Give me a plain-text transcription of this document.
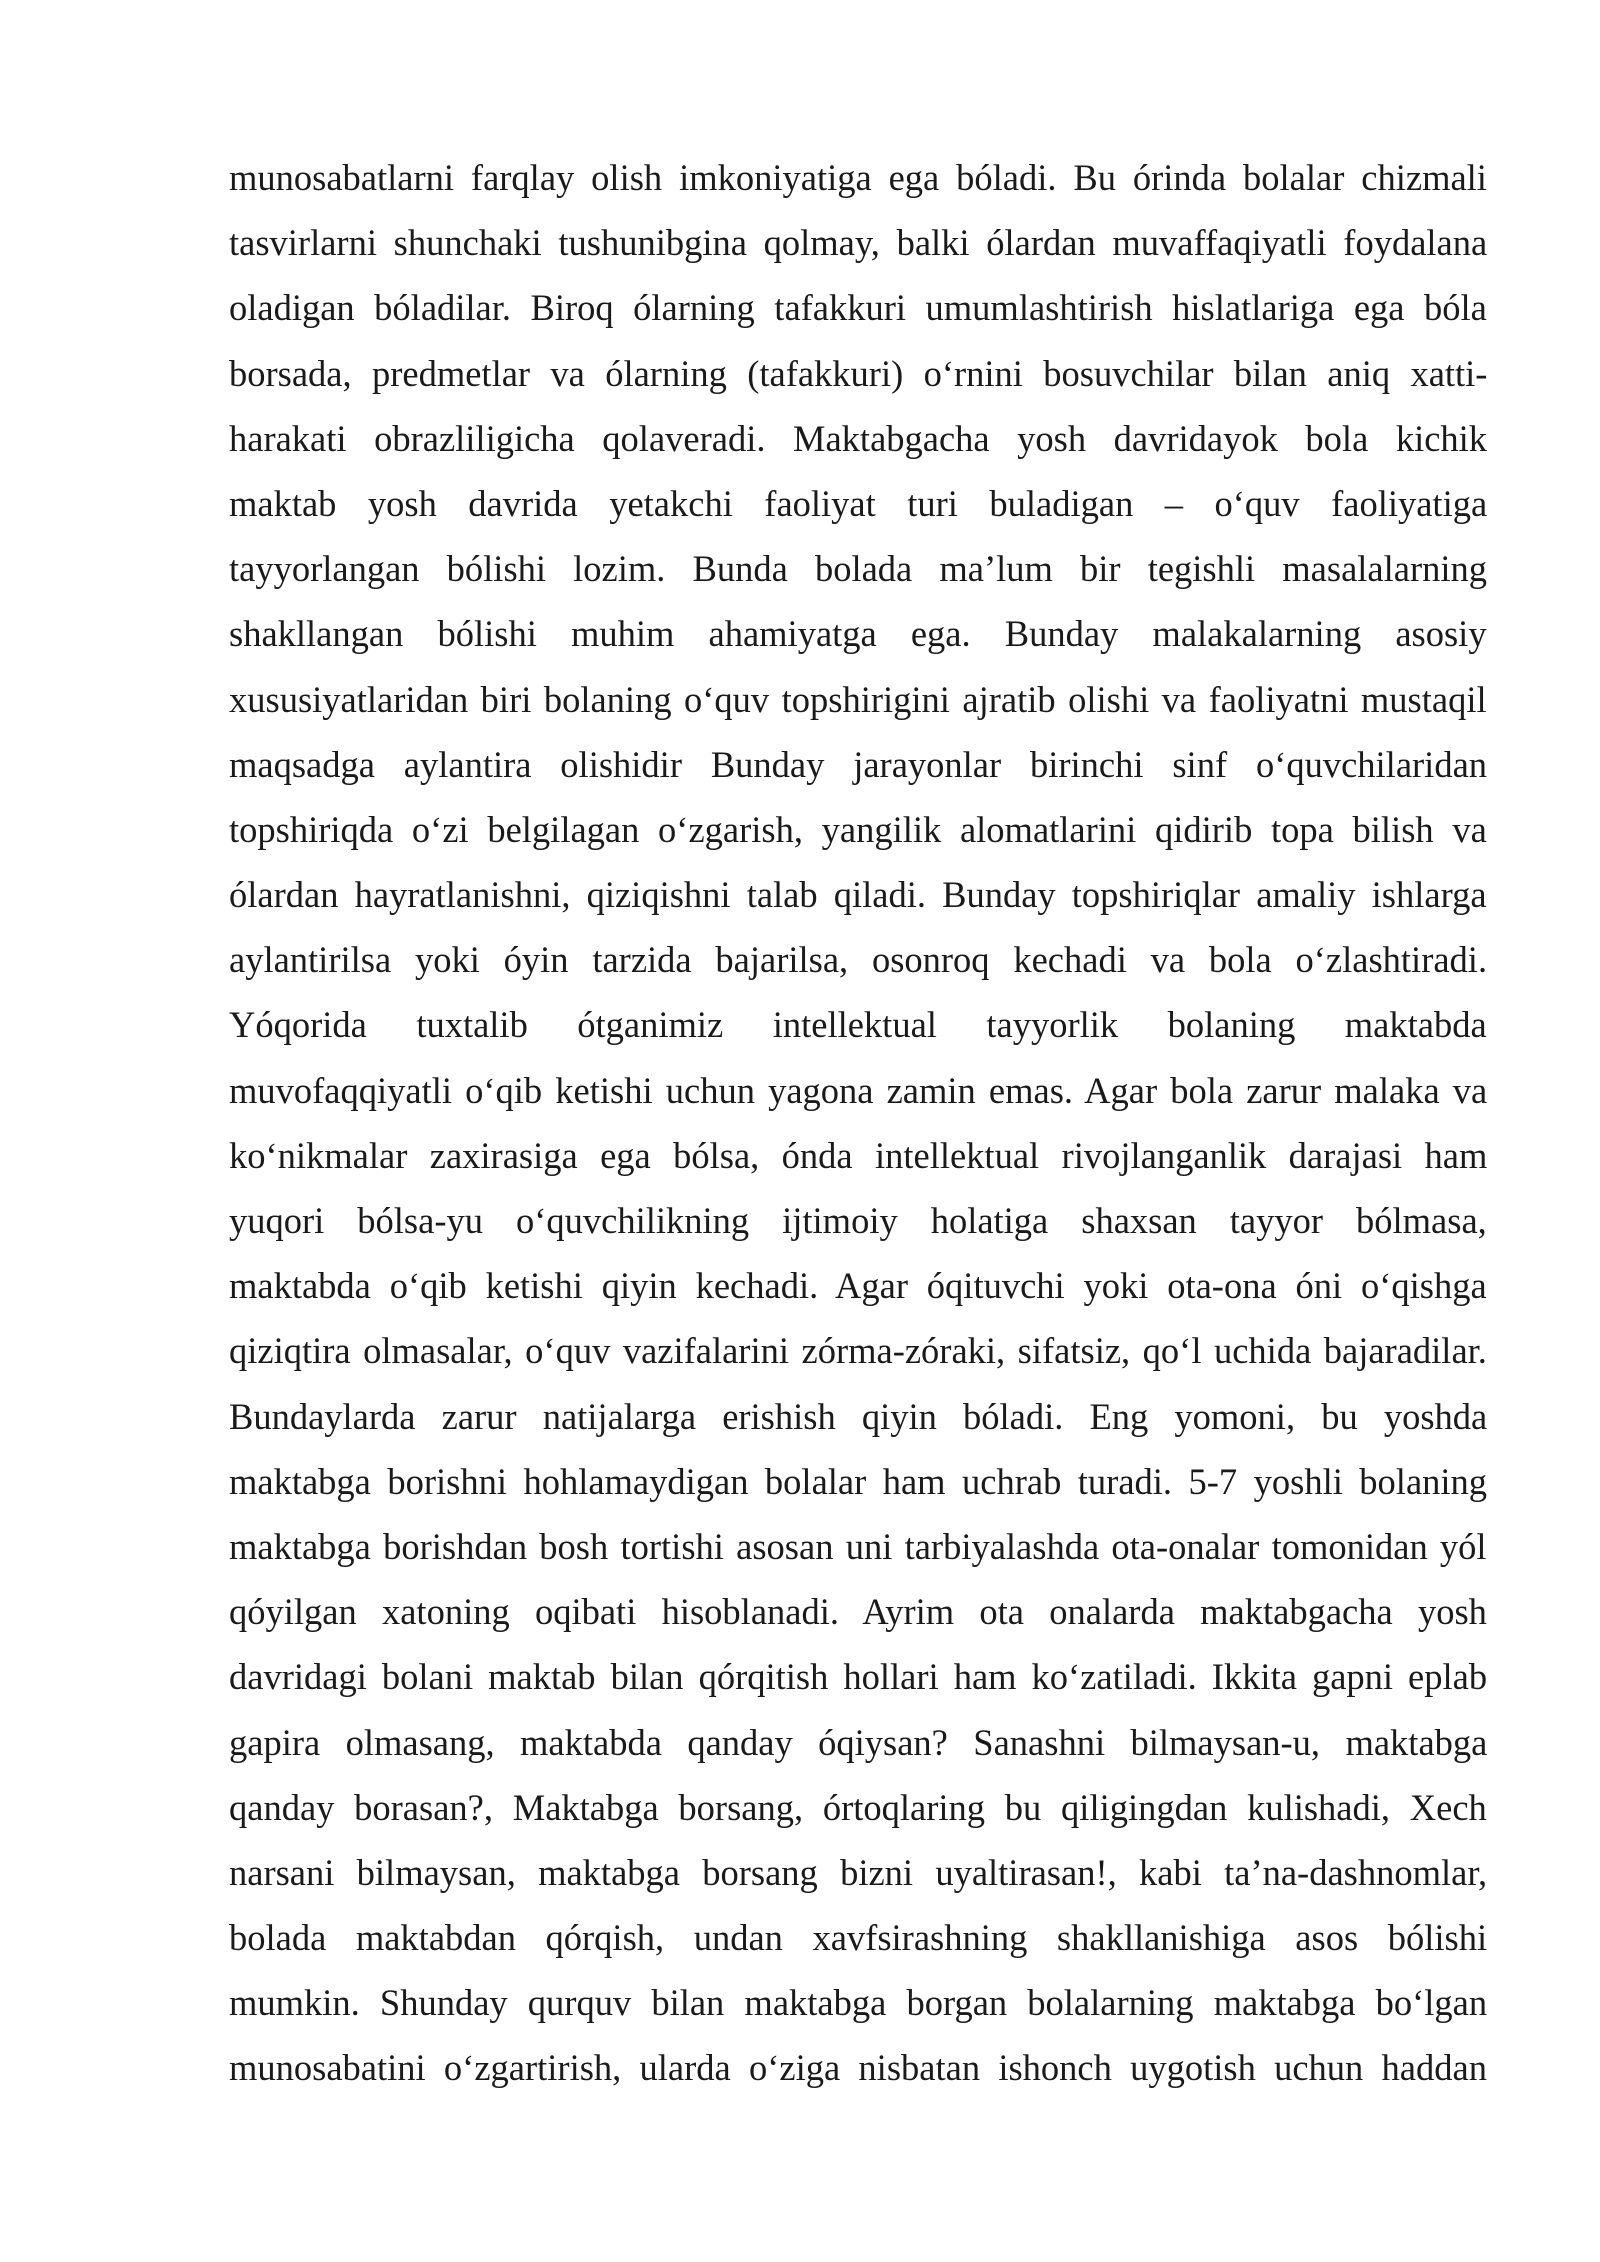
munosabatlarni farqlay olish imkoniyatiga ega bóladi. Bu órinda bolalar chizmali
tasvirlarni shunchaki tushunibgina qolmay, balki ólardan muvaffaqiyatli foydalana
oladigan bóladilar. Biroq ólarning tafakkuri umumlashtirish hislatlariga ega bóla
borsada, predmetlar va ólarning (tafakkuri) oʻrnini bosuvchilar bilan aniq xatti-
harakati obrazliligicha qolaveradi. Maktabgacha yosh davridayok bola kichik
maktab yosh davrida yetakchi faoliyat turi buladigan – oʻquv faoliyatiga
tayyorlangan bólishi lozim. Bunda bolada ma’lum bir tegishli masalalarning
shakllangan bólishi muhim ahamiyatga ega. Bunday malakalarning asosiy
xususiyatlaridan biri bolaning oʻquv topshirigini ajratib olishi va faoliyatni mustaqil
maqsadga aylantira olishidir Bunday jarayonlar birinchi sinf oʻquvchilaridan
topshiriqda oʻzi belgilagan oʻzgarish, yangilik alomatlarini qidirib topa bilish va
ólardan hayratlanishni, qiziqishni talab qiladi. Bunday topshiriqlar amaliy ishlarga
aylantirilsa yoki óyin tarzida bajarilsa, osonroq kechadi va bola oʻzlashtiradi.
Yóqorida tuxtalib ótganimiz intellektual tayyorlik bolaning maktabda
muvofaqqiyatli oʻqib ketishi uchun yagona zamin emas. Agar bola zarur malaka va
koʻnikmalar zaxirasiga ega bólsa, ónda intellektual rivojlanganlik darajasi ham
yuqori bólsa-yu oʻquvchilikning ijtimoiy holatiga shaxsan tayyor bólmasa,
maktabda oʻqib ketishi qiyin kechadi. Agar óqituvchi yoki ota-ona óni oʻqishga
qiziqtira olmasalar, oʻquv vazifalarini zórma-zóraki, sifatsiz, qoʻl uchida bajaradilar.
Bundaylarda zarur natijalarga erishish qiyin bóladi. Eng yomoni, bu yoshda
maktabga borishni hohlamaydigan bolalar ham uchrab turadi. 5-7 yoshli bolaning
maktabga borishdan bosh tortishi asosan uni tarbiyalashda ota-onalar tomonidan yól
qóyilgan xatoning oqibati hisoblanadi. Ayrim ota onalarda maktabgacha yosh
davridagi bolani maktab bilan qórqitish hollari ham koʻzatiladi. Ikkita gapni eplab
gapira olmasang, maktabda qanday óqiysan? Sanashni bilmaysan-u, maktabga
qanday borasan?, Maktabga borsang, órtoqlaring bu qiligingdan kulishadi, Xech
narsani bilmaysan, maktabga borsang bizni uyaltirasan!, kabi ta’na-dashnomlar,
bolada maktabdan qórqish, undan xavfsirashning shakllanishiga asos bólishi
mumkin. Shunday qurquv bilan maktabga borgan bolalarning maktabga boʻlgan
munosabatini oʻzgartirish, ularda oʻziga nisbatan ishonch uygotish uchun haddan
